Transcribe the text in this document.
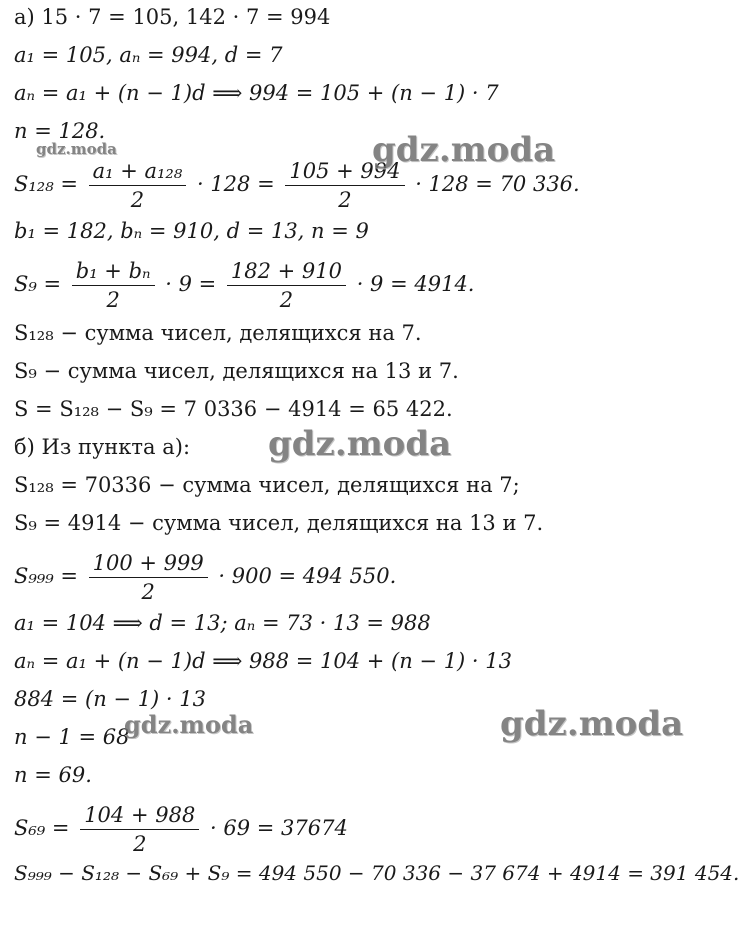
а) 15 · 7 = 105, 142 · 7 = 994
a₁ = 105, aₙ = 994, d = 7
aₙ = a₁ + (n − 1)d ⟹ 994 = 105 + (n − 1) · 7
n = 128.
$S_{128} = \frac{\text{a₁ + a₁₂₈}}{2} \cdot 128 = \frac{105 + 994}{2} \cdot 128 = 70$ 336.
b₁ = 182, bₙ = 910, d = 13, n = 9
$S_9 = \frac{\text{b₁ + bₙ}}{2} \cdot 9 = \frac{182 + 910}{2} \cdot 9 = 4914$.
S₁₂₈ − сумма чисел, делящихся на 7.
S₉ − сумма чисел, делящихся на 13 и 7.
S = S₁₂₈ − S₉ = 7 0336 − 4914 = 65 422.
б) Из пункта а):
S₁₂₈ = 70336 − сумма чисел, делящихся на 7;
S₉ = 4914 − сумма чисел, делящихся на 13 и 7.
$S_{999} = \frac{100 + 999}{2} \cdot 900 = 494$ 550.
a₁ = 104 ⟹ d = 13; aₙ = 73 · 13 = 988
aₙ = a₁ + (n − 1)d ⟹ 988 = 104 + (n − 1) · 13
884 = (n − 1) · 13
n − 1 = 68
n = 69.
$S_{69} = \frac{104 + 988}{2} \cdot 69 = 37674$
S₉₉₉ − S₁₂₈ − S₆₉ + S₉ = 494 550 − 70 336 − 37 674 + 4914 = 391 454.
gdz.moda	gdz.moda
gdz.moda
gdz.moda	gdz.moda
